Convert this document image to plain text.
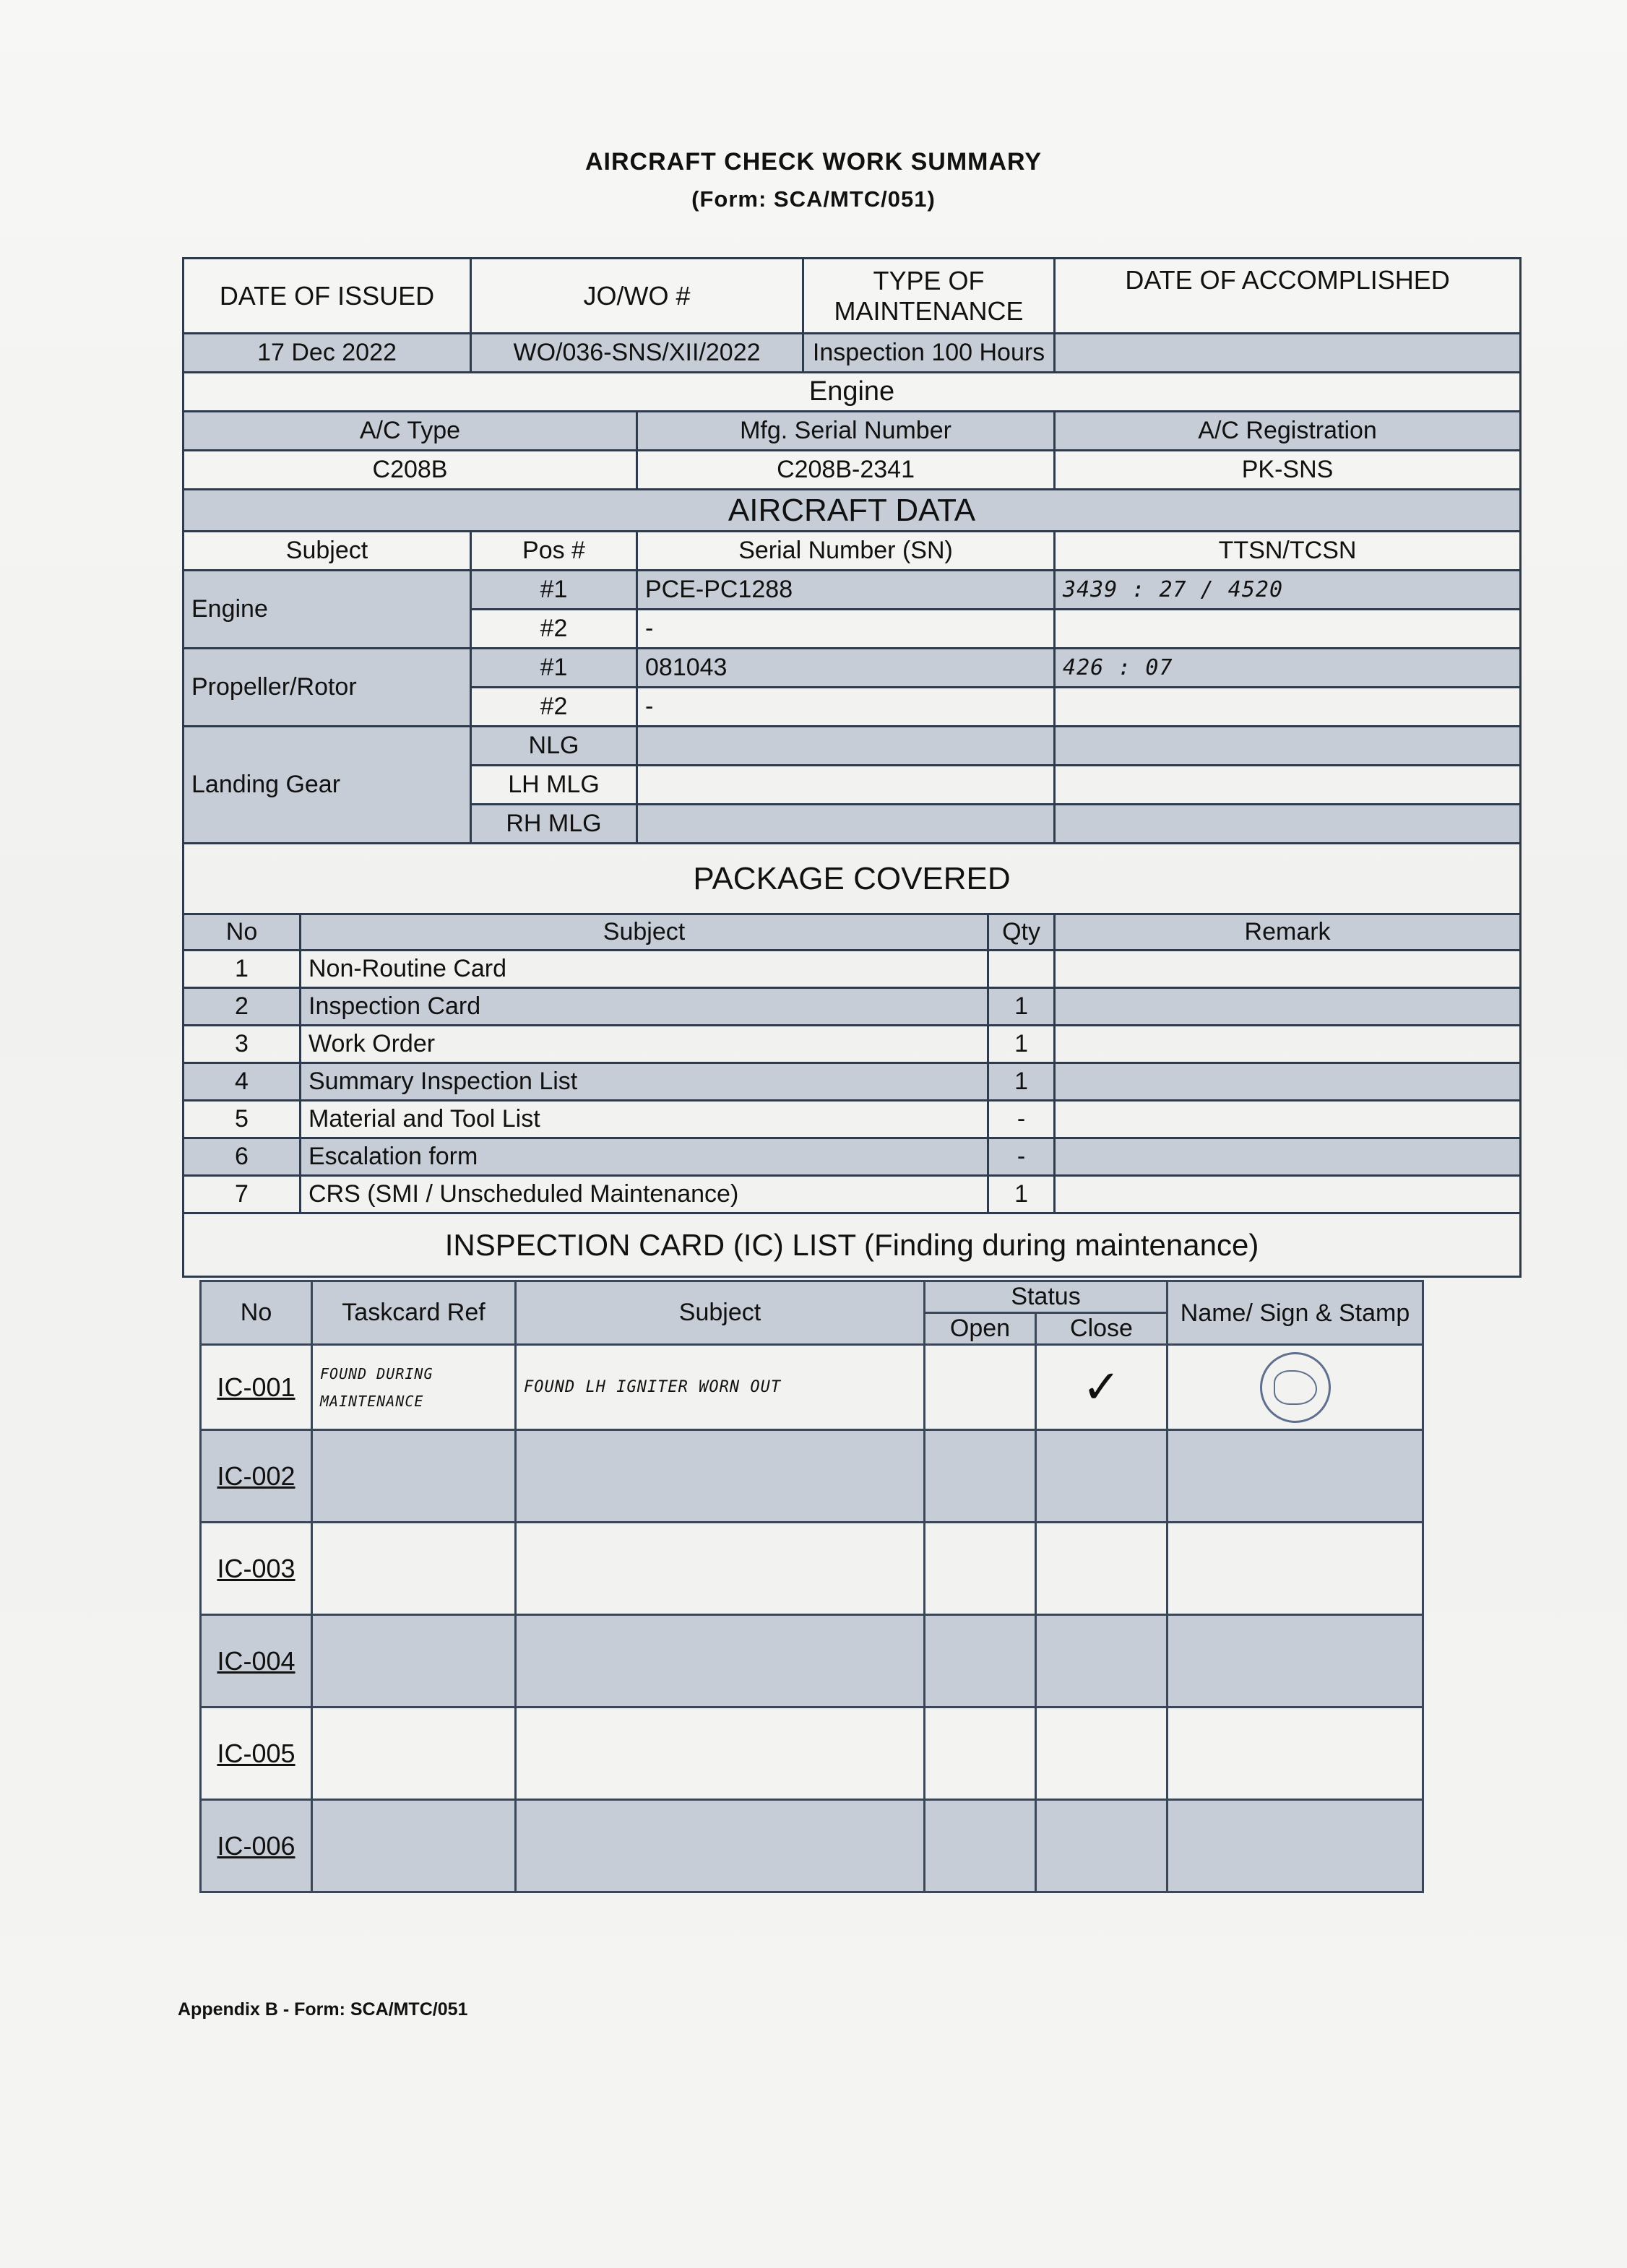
AIRCRAFT CHECK WORK SUMMARY
(Form: SCA/MTC/051)
DATE OF ISSUED		JO/WO #		TYPE OF MAINTENANCE		DATE OF ACCOMPLISHED
17 Dec 2022		WO/036-SNS/XII/2022		Inspection 100 Hours		
Engine						
A/C Type			Mfg. Serial Number			A/C Registration
C208B			C208B-2341			PK-SNS
AIRCRAFT DATA						
Subject		Pos #	Serial Number (SN)			TTSN/TCSN
Engine		#1	PCE-PC1288			3439 : 27 / 4520
		#2	-			
Propeller/Rotor		#1	081043			426 : 07
		#2	-			
Landing Gear		NLG				
		LH MLG				
		RH MLG				
PACKAGE COVERED						
No	Subject				Qty	Remark
1	Non-Routine Card					
2	Inspection Card				1	
3	Work Order				1	
4	Summary Inspection List				1	
5	Material and Tool List				-	
6	Escalation form				-	
7	CRS (SMI / Unscheduled Maintenance)				1	
INSPECTION CARD (IC) LIST (Finding during maintenance)						
No	Taskcard Ref	Subject	Status		Name/ Sign & Stamp
			Open	Close	
IC-001	FOUND DURING MAINTENANCE	FOUND LH IGNITER WORN OUT		✓	
IC-002					
IC-003					
IC-004					
IC-005					
IC-006					
Appendix B - Form: SCA/MTC/051
